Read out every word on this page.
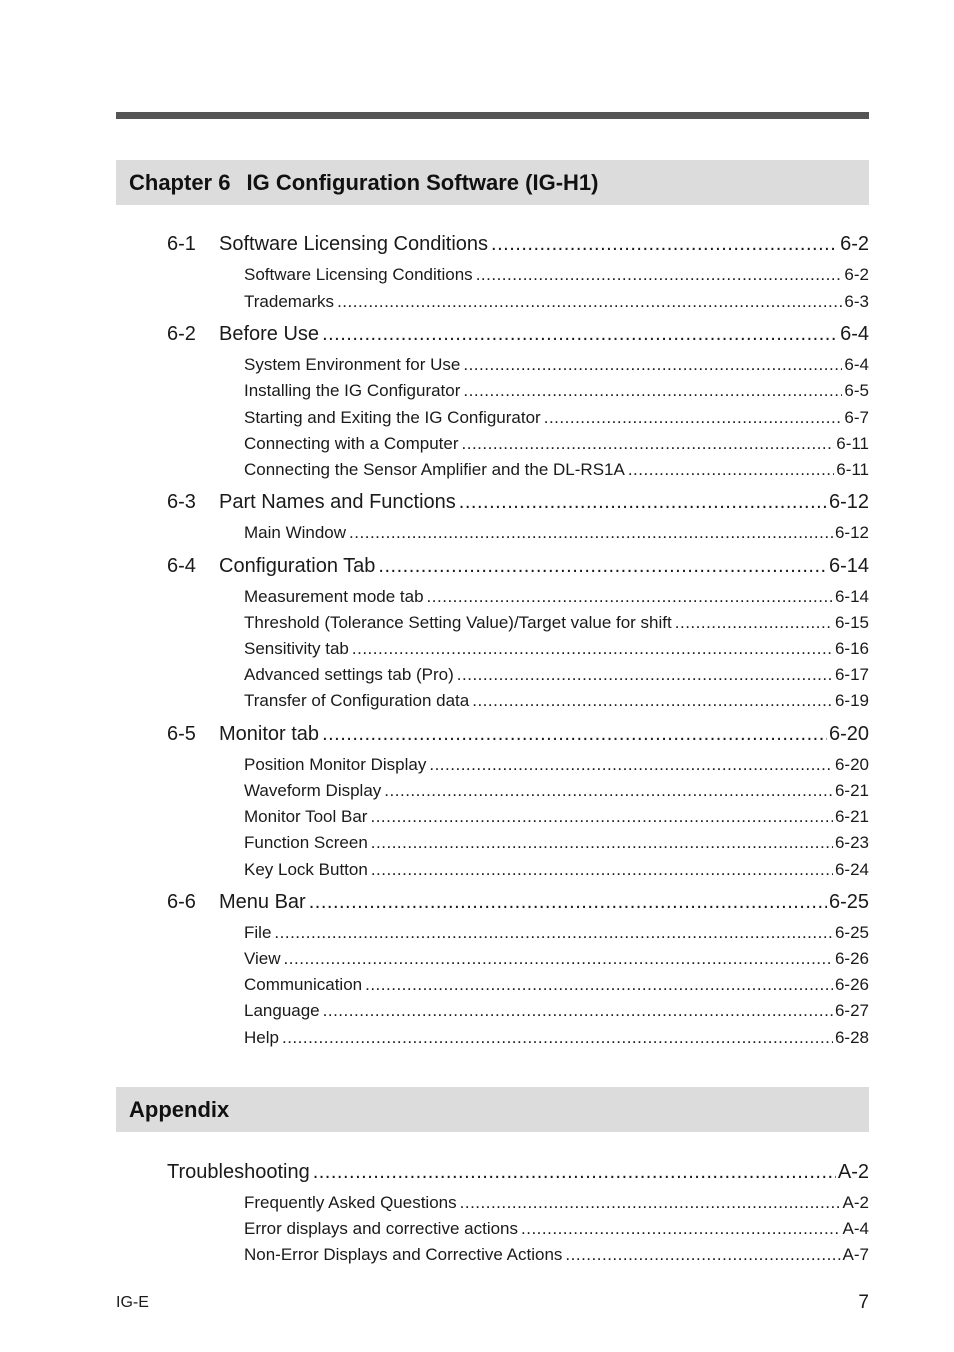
Chapter 6 IG Configuration Software (IG-H1)
6-1	Software Licensing Conditions .....	6-2
Software Licensing Conditions .....	6-2
Trademarks .....	6-3
6-2	Before Use .....	6-4
System Environment for Use .....	6-4
Installing the IG Configurator .....	6-5
Starting and Exiting the IG Configurator .....	6-7
Connecting with a Computer .....	6-11
Connecting the Sensor Amplifier and the DL-RS1A .....	6-11
6-3	Part Names and Functions .....	6-12
Main Window .....	6-12
6-4	Configuration Tab .....	6-14
Measurement mode tab .....	6-14
Threshold (Tolerance Setting Value)/Target value for shift .....	6-15
Sensitivity tab .....	6-16
Advanced settings tab (Pro) .....	6-17
Transfer of Configuration data .....	6-19
6-5	Monitor tab .....	6-20
Position Monitor Display .....	6-20
Waveform Display .....	6-21
Monitor Tool Bar .....	6-21
Function Screen .....	6-23
Key Lock Button .....	6-24
6-6	Menu Bar .....	6-25
File .....	6-25
View .....	6-26
Communication .....	6-26
Language .....	6-27
Help .....	6-28
Appendix
Troubleshooting .....	A-2
Frequently Asked Questions .....	A-2
Error displays and corrective actions .....	A-4
Non-Error Displays and Corrective Actions .....	A-7
IG-E	7
